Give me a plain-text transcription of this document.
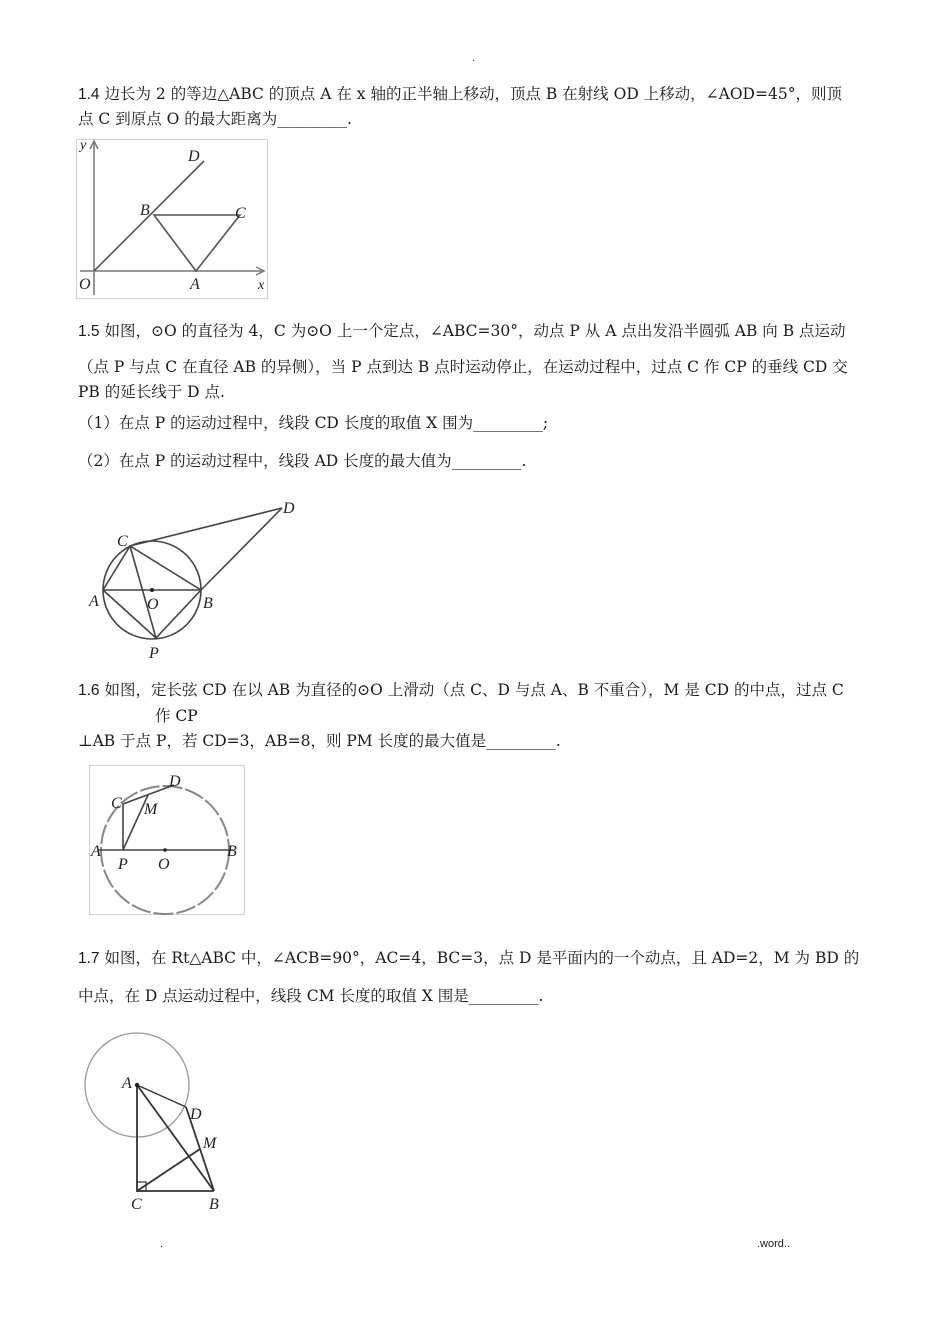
.
.	.word..
1.4 边长为 2 的等边△ABC 的顶点 A 在 x 轴的正半轴上移动，顶点 B 在射线 OD 上移动，∠AOD=45°，则顶
点 C 到原点 O 的最大距离为_________.
y
D
B	C
O	A	x
1.5 如图，⊙O 的直径为 4，C 为⊙O 上一个定点，∠ABC=30°，动点 P 从 A 点出发沿半圆弧 AB 向 B 点运动
（点 P 与点 C 在直径 AB 的异侧），当 P 点到达 B 点时运动停止，在运动过程中，过点 C 作 CP 的垂线 CD 交
PB 的延长线于 D 点.
（1）在点 P 的运动过程中，线段 CD 长度的取值 X 围为_________;
（2）在点 P 的运动过程中，线段 AD 长度的最大值为_________.
D
C
A	O	B
P
1.6 如图，定长弦 CD 在以 AB 为直径的⊙O 上滑动（点 C、D 与点 A、B 不重合），M 是 CD 的中点，过点 C
作 CP
⊥AB 于点 P，若 CD=3，AB=8，则 PM 长度的最大值是_________.
D
C M
A
P O
B
1.7 如图，在 Rt△ABC 中，∠ACB=90°，AC=4，BC=3，点 D 是平面内的一个动点，且 AD=2，M 为 BD 的
中点，在 D 点运动过程中，线段 CM 长度的取值 X 围是_________.
A
D
M
C	B
